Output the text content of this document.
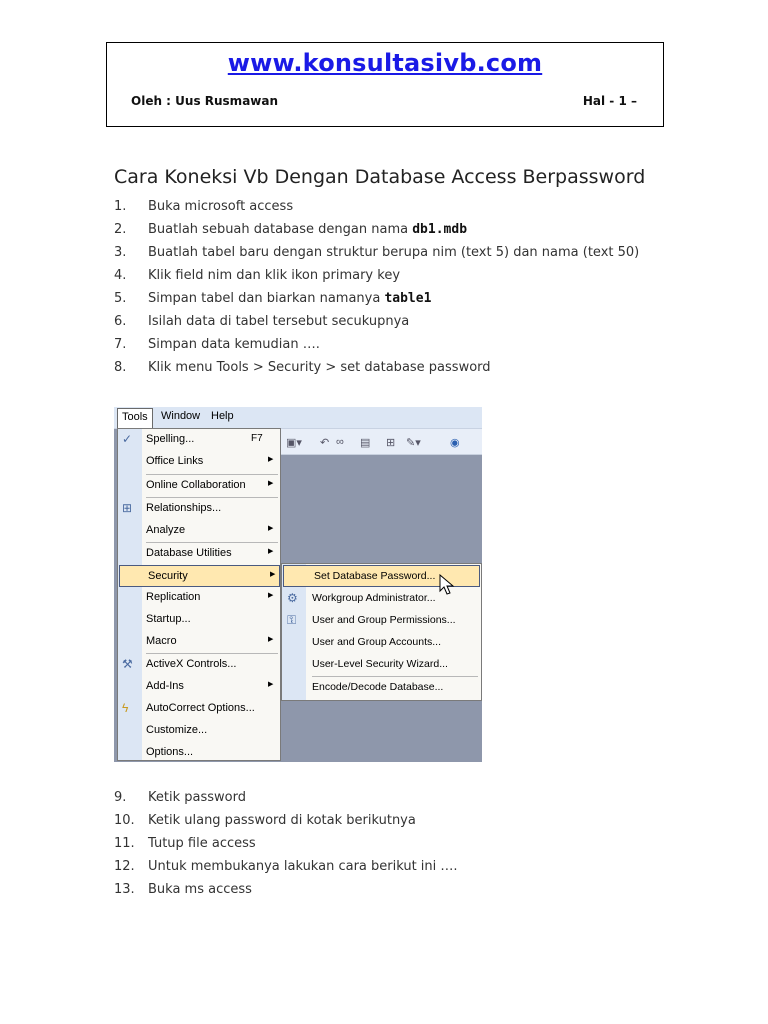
www.konsultasivb.com
Oleh : Uus Rusmawan	Hal - 1 –
Cara Koneksi Vb Dengan Database Access Berpassword
1.	Buka microsoft access
2.	Buatlah sebuah database dengan nama db1.mdb
3.	Buatlah tabel baru dengan struktur berupa nim (text 5) dan nama (text 50)
4.	Klik field nim dan klik ikon primary key
5.	Simpan tabel dan biarkan namanya table1
6.	Isilah data di tabel tersebut secukupnya
7.	Simpan data kemudian ….
8.	Klik menu Tools > Security > set database password
Tools	Window Help
▣▾ ↶ ∞ ▤ ⊞ ✎▾	◉
✓ Spelling...	F7
Office Links	▶
Online Collaboration	▶
⊞ Relationships...
Analyze	▶
Database Utilities	▶
Security	▶
Replication	▶
Startup...
Macro	▶
⚒ ActiveX Controls...
Add-Ins	▶
ϟ AutoCorrect Options...
Customize...
Options...
Set Database Password...
⚙ Workgroup Administrator...
⚿ User and Group Permissions...
User and Group Accounts...
User-Level Security Wizard...
Encode/Decode Database...
9.	Ketik password
10.	Ketik ulang password di kotak berikutnya
11.	Tutup file access
12.	Untuk membukanya lakukan cara berikut ini ….
13.	Buka ms access
